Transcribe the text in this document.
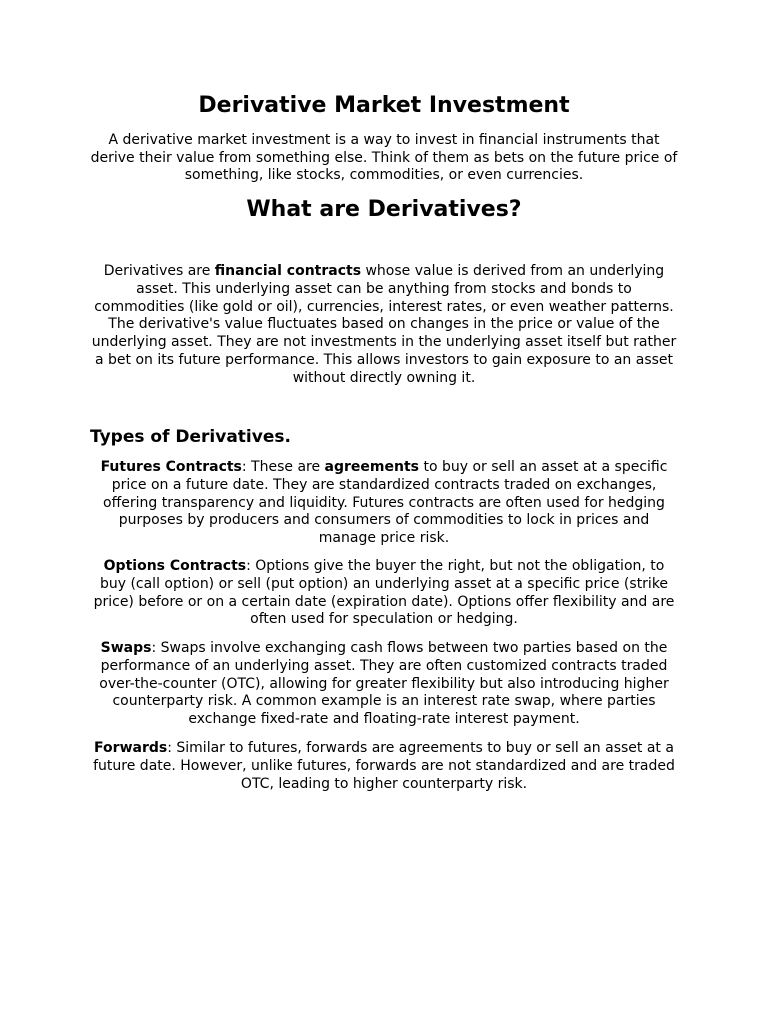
Derivative Market Investment

A derivative market investment is a way to invest in financial instruments that derive their value from something else. Think of them as bets on the future price of something, like stocks, commodities, or even currencies.

What are Derivatives?

Derivatives are financial contracts whose value is derived from an underlying asset. This underlying asset can be anything from stocks and bonds to commodities (like gold or oil), currencies, interest rates, or even weather patterns. The derivative's value fluctuates based on changes in the price or value of the underlying asset. They are not investments in the underlying asset itself but rather a bet on its future performance. This allows investors to gain exposure to an asset without directly owning it.

Types of Derivatives.

Futures Contracts: These are agreements to buy or sell an asset at a specific price on a future date. They are standardized contracts traded on exchanges, offering transparency and liquidity. Futures contracts are often used for hedging purposes by producers and consumers of commodities to lock in prices and manage price risk.

Options Contracts: Options give the buyer the right, but not the obligation, to buy (call option) or sell (put option) an underlying asset at a specific price (strike price) before or on a certain date (expiration date). Options offer flexibility and are often used for speculation or hedging.

Swaps: Swaps involve exchanging cash flows between two parties based on the performance of an underlying asset. They are often customized contracts traded over-the-counter (OTC), allowing for greater flexibility but also introducing higher counterparty risk. A common example is an interest rate swap, where parties exchange fixed-rate and floating-rate interest payment.

Forwards: Similar to futures, forwards are agreements to buy or sell an asset at a future date. However, unlike futures, forwards are not standardized and are traded OTC, leading to higher counterparty risk.
